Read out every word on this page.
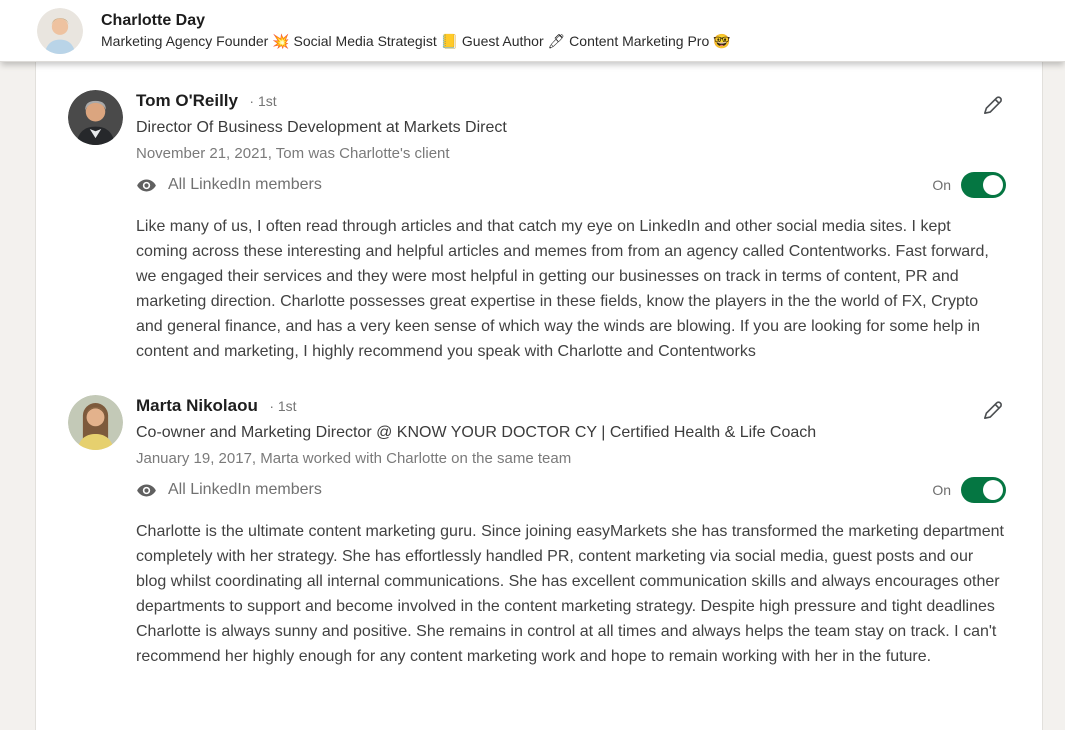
Charlotte Day
Marketing Agency Founder 💥 Social Media Strategist 📒 Guest Author 🖊 Content Marketing Pro 🤓
Tom O'Reilly · 1st
Director Of Business Development at Markets Direct
November 21, 2021, Tom was Charlotte's client
All LinkedIn members	On

Like many of us, I often read through articles and that catch my eye on LinkedIn and other social media sites. I kept coming across these interesting and helpful articles and memes from from an agency called Contentworks. Fast forward, we engaged their services and they were most helpful in getting our businesses on track in terms of content, PR and marketing direction. Charlotte possesses great expertise in these fields, know the players in the the world of FX, Crypto and general finance, and has a very keen sense of which way the winds are blowing. If you are looking for some help in content and marketing, I highly recommend you speak with Charlotte and Contentworks

Marta Nikolaou · 1st
Co-owner and Marketing Director @ KNOW YOUR DOCTOR CY | Certified Health & Life Coach
January 19, 2017, Marta worked with Charlotte on the same team
All LinkedIn members	On

Charlotte is the ultimate content marketing guru. Since joining easyMarkets she has transformed the marketing department completely with her strategy. She has effortlessly handled PR, content marketing via social media, guest posts and our blog whilst coordinating all internal communications. She has excellent communication skills and always encourages other departments to support and become involved in the content marketing strategy. Despite high pressure and tight deadlines Charlotte is always sunny and positive. She remains in control at all times and always helps the team stay on track. I can't recommend her highly enough for any content marketing work and hope to remain working with her in the future.
